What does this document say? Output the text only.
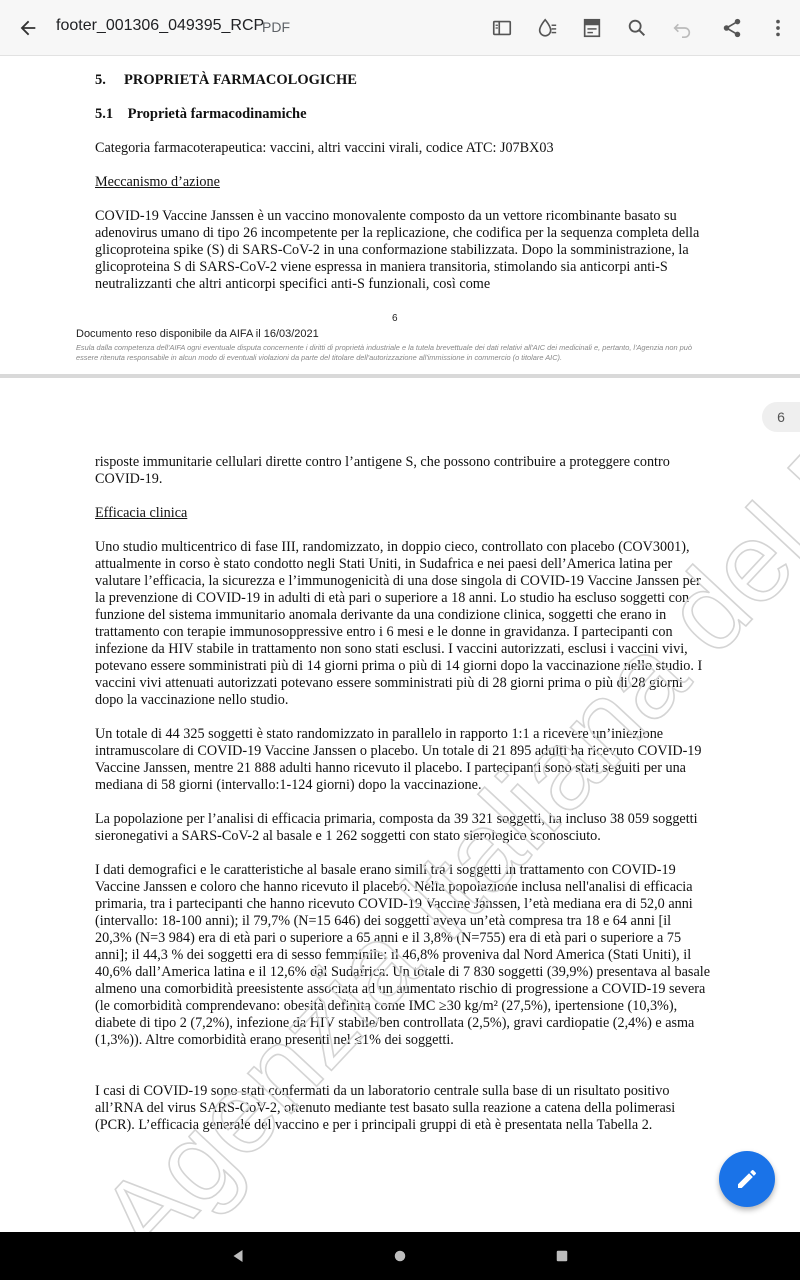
footer_001306_049395_RCP
PDF
5.     PROPRIETÀ FARMACOLOGICHE
5.1    Proprietà farmacodinamiche
Categoria farmacoterapeutica: vaccini, altri vaccini virali, codice ATC: J07BX03
Meccanismo d’azione
COVID-19 Vaccine Janssen è un vaccino monovalente composto da un vettore ricombinante basato su adenovirus umano di tipo 26 incompetente per la replicazione, che codifica per la sequenza completa della glicoproteina spike (S) di SARS-CoV-2 in una conformazione stabilizzata. Dopo la somministrazione, la glicoproteina S di SARS-CoV-2 viene espressa in maniera transitoria, stimolando sia anticorpi anti-S neutralizzanti che altri anticorpi specifici anti-S funzionali, così come
6
Documento reso disponibile da AIFA il 16/03/2021
Esula dalla competenza dell'AIFA ogni eventuale disputa concernente i diritti di proprietà industriale e la tutela brevettuale dei dati relativi all'AIC dei medicinali e, pertanto, l'Agenzia non può essere ritenuta responsabile in alcun modo di eventuali violazioni da parte del titolare dell'autorizzazione all'immissione in commercio (o titolare AIC).
risposte immunitarie cellulari dirette contro l’antigene S, che possono contribuire a proteggere contro COVID-19.
Efficacia clinica
Uno studio multicentrico di fase III, randomizzato, in doppio cieco, controllato con placebo (COV3001), attualmente in corso è stato condotto negli Stati Uniti, in Sudafrica e nei paesi dell’America latina per valutare l’efficacia, la sicurezza e l’immunogenicità di una dose singola di COVID-19 Vaccine Janssen per la prevenzione di COVID-19 in adulti di età pari o superiore a 18 anni. Lo studio ha escluso soggetti con funzione del sistema immunitario anomala derivante da una condizione clinica, soggetti che erano in trattamento con terapie immunosoppressive entro i 6 mesi e le donne in gravidanza. I partecipanti con infezione da HIV stabile in trattamento non sono stati esclusi. I vaccini autorizzati, esclusi i vaccini vivi, potevano essere somministrati più di 14 giorni prima o più di 14 giorni dopo la vaccinazione nello studio. I vaccini vivi attenuati autorizzati potevano essere somministrati più di 28 giorni prima o più di 28 giorni dopo la vaccinazione nello studio.
Un totale di 44 325 soggetti è stato randomizzato in parallelo in rapporto 1:1 a ricevere un’iniezione intramuscolare di COVID-19 Vaccine Janssen o placebo. Un totale di 21 895 adulti ha ricevuto COVID-19 Vaccine Janssen, mentre 21 888 adulti hanno ricevuto il placebo. I partecipanti sono stati seguiti per una mediana di 58 giorni (intervallo:1-124 giorni) dopo la vaccinazione.
La popolazione per l’analisi di efficacia primaria, composta da 39 321 soggetti, ha incluso 38 059 soggetti sieronegativi a SARS-CoV-2 al basale e 1 262 soggetti con stato sierologico sconosciuto.
I dati demografici e le caratteristiche al basale erano simili tra i soggetti in trattamento con COVID-19 Vaccine Janssen e coloro che hanno ricevuto il placebo. Nella popolazione inclusa nell'analisi di efficacia primaria, tra i partecipanti che hanno ricevuto COVID-19 Vaccine Janssen, l’età mediana era di 52,0 anni (intervallo: 18-100 anni); il 79,7% (N=15 646) dei soggetti aveva un’età compresa tra 18 e 64 anni [il 20,3% (N=3 984) era di età pari o superiore a 65 anni e il 3,8% (N=755) era di età pari o superiore a 75 anni]; il 44,3 % dei soggetti era di sesso femminile; il 46,8% proveniva dal Nord America (Stati Uniti), il 40,6% dall’America latina e il 12,6% dal Sudafrica. Un totale di 7 830 soggetti (39,9%) presentava al basale almeno una comorbidità preesistente associata ad un aumentato rischio di progressione a COVID-19 severa (le comorbidità comprendevano: obesità definita come IMC ≥30 kg/m² (27,5%), ipertensione (10,3%), diabete di tipo 2 (7,2%), infezione da HIV stabile/ben controllata (2,5%), gravi cardiopatie (2,4%) e asma (1,3%)). Altre comorbidità erano presenti nel ≤1% dei soggetti.
I casi di COVID-19 sono stati confermati da un laboratorio centrale sulla base di un risultato positivo all’RNA del virus SARS-CoV-2, ottenuto mediante test basato sulla reazione a catena della polimerasi (PCR). L’efficacia generale del vaccino e per i principali gruppi di età è presentata nella Tabella 2.
6
